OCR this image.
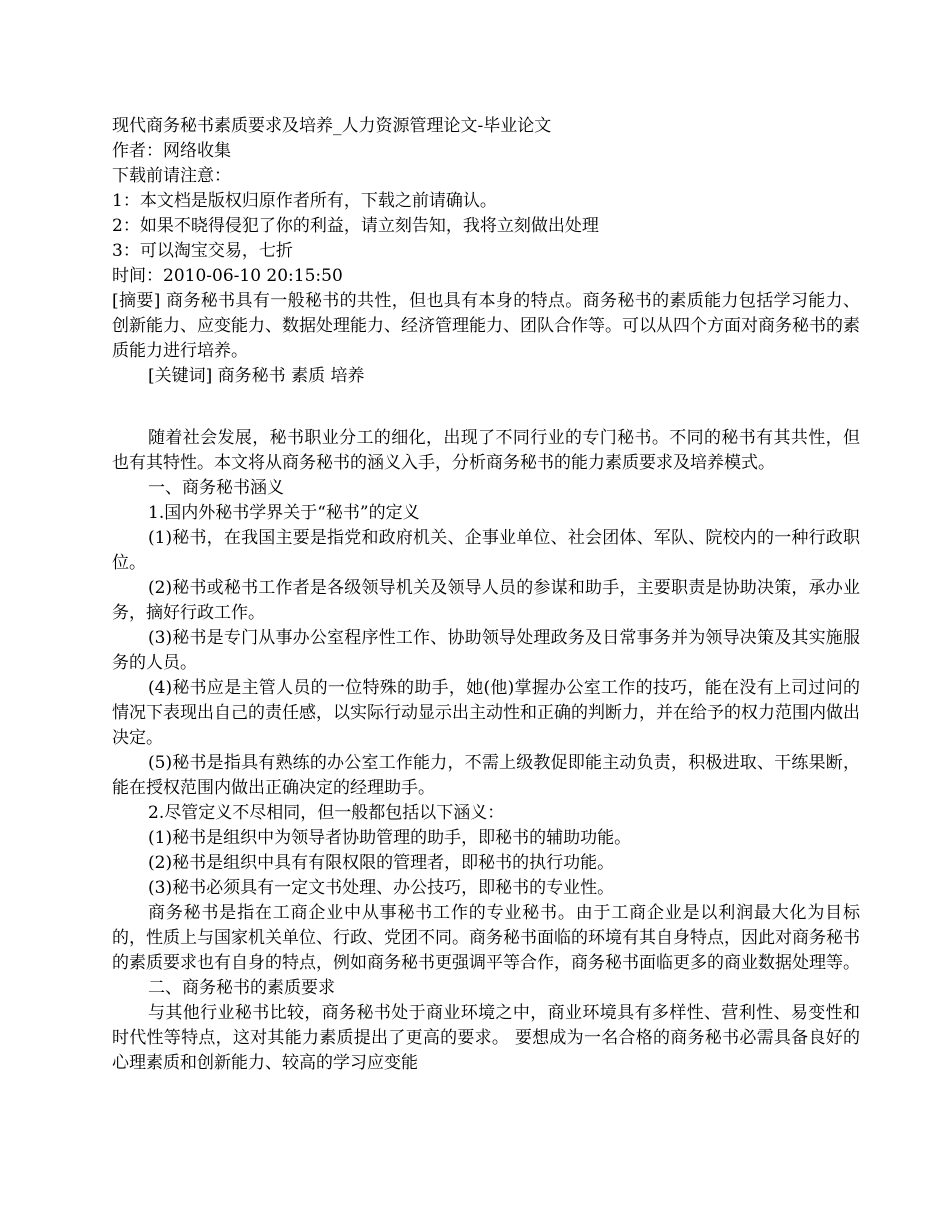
现代商务秘书素质要求及培养_人力资源管理论文-毕业论文

作者：网络收集

下载前请注意：

1：本文档是版权归原作者所有，下载之前请确认。

2：如果不晓得侵犯了你的利益，请立刻告知，我将立刻做出处理

3：可以淘宝交易，七折

时间：2010-06-10 20:15:50

[摘要] 商务秘书具有一般秘书的共性，但也具有本身的特点。商务秘书的素质能力包括学习能力、创新能力、应变能力、数据处理能力、经济管理能力、团队合作等。可以从四个方面对商务秘书的素质能力进行培养。

[关键词] 商务秘书 素质 培养

随着社会发展，秘书职业分工的细化，出现了不同行业的专门秘书。不同的秘书有其共性，但也有其特性。本文将从商务秘书的涵义入手，分析商务秘书的能力素质要求及培养模式。

一、商务秘书涵义

1.国内外秘书学界关于“秘书”的定义

(1)秘书，在我国主要是指党和政府机关、企事业单位、社会团体、军队、院校内的一种行政职位。

(2)秘书或秘书工作者是各级领导机关及领导人员的参谋和助手，主要职责是协助决策，承办业务，摘好行政工作。

(3)秘书是专门从事办公室程序性工作、协助领导处理政务及日常事务并为领导决策及其实施服务的人员。

(4)秘书应是主管人员的一位特殊的助手，她(他)掌握办公室工作的技巧，能在没有上司过问的情况下表现出自己的责任感，以实际行动显示出主动性和正确的判断力，并在给予的权力范围内做出决定。

(5)秘书是指具有熟练的办公室工作能力，不需上级教促即能主动负责，积极进取、干练果断，能在授权范围内做出正确决定的经理助手。

2.尽管定义不尽相同，但一般都包括以下涵义：

(1)秘书是组织中为领导者协助管理的助手，即秘书的辅助功能。

(2)秘书是组织中具有有限权限的管理者，即秘书的执行功能。

(3)秘书必须具有一定文书处理、办公技巧，即秘书的专业性。

商务秘书是指在工商企业中从事秘书工作的专业秘书。由于工商企业是以利润最大化为目标的，性质上与国家机关单位、行政、党团不同。商务秘书面临的环境有其自身特点，因此对商务秘书的素质要求也有自身的特点，例如商务秘书更强调平等合作，商务秘书面临更多的商业数据处理等。

二、商务秘书的素质要求

与其他行业秘书比较，商务秘书处于商业环境之中，商业环境具有多样性、营利性、易变性和时代性等特点，这对其能力素质提出了更高的要求。 要想成为一名合格的商务秘书必需具备良好的心理素质和创新能力、较高的学习应变能
